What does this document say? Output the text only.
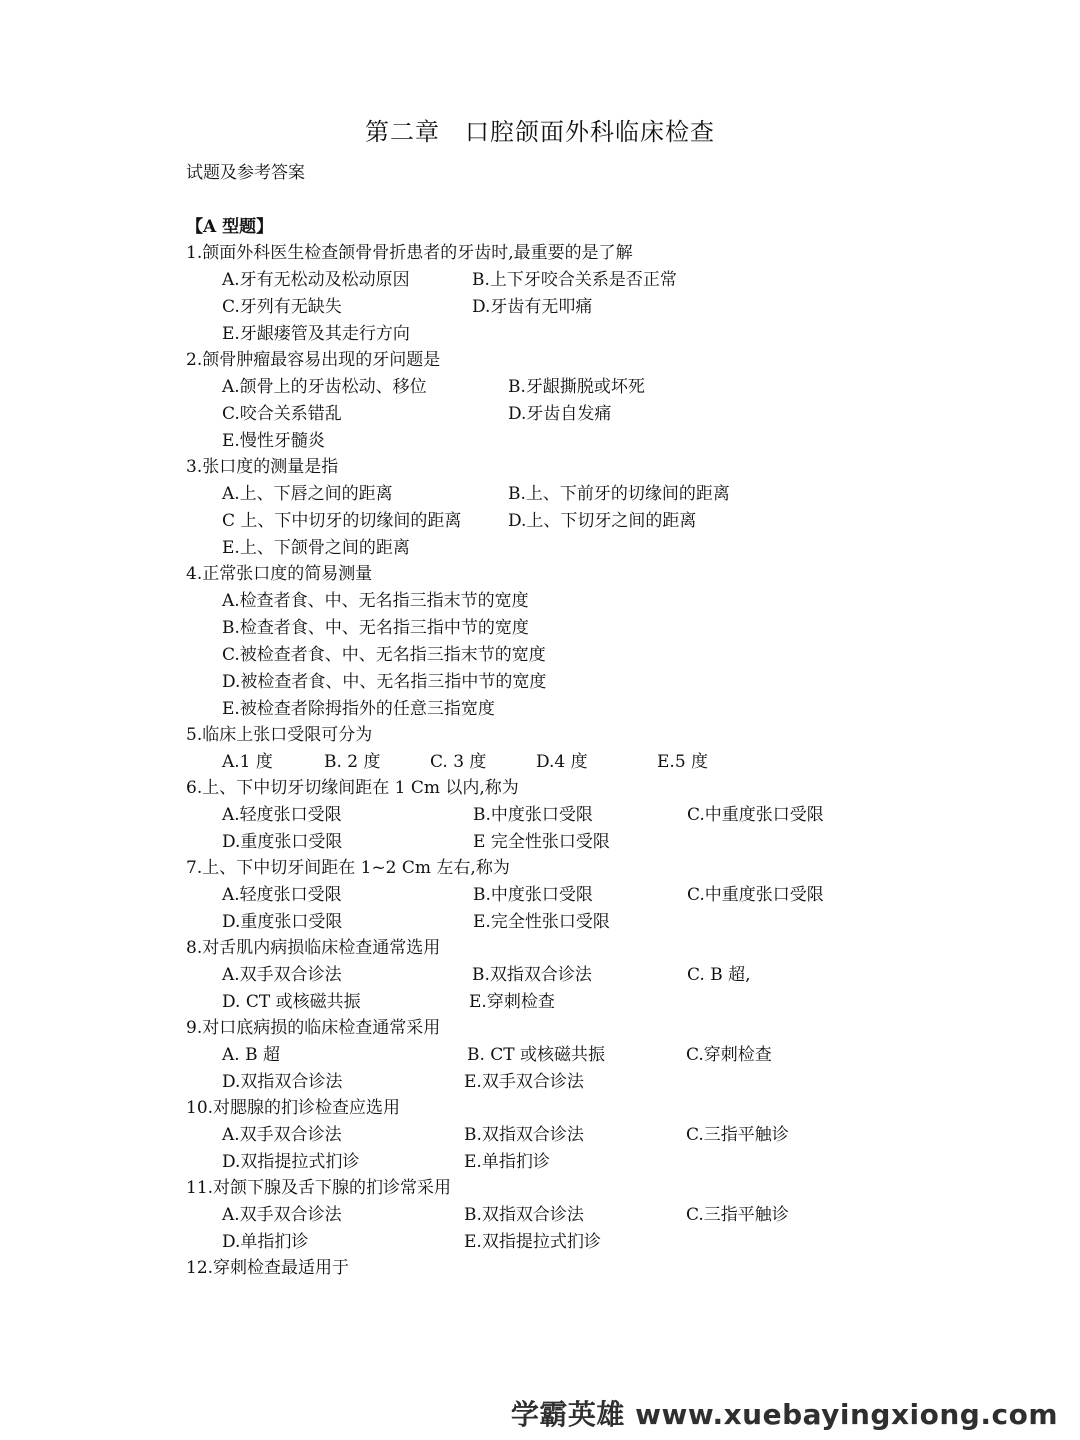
第二章　口腔颌面外科临床检查
试题及参考答案
【A 型题】
1.颌面外科医生检查颌骨骨折患者的牙齿时,最重要的是了解
A.牙有无松动及松动原因	B.上下牙咬合关系是否正常
C.牙列有无缺失	D.牙齿有无叩痛
E.牙龈瘘管及其走行方向
2.颌骨肿瘤最容易出现的牙问题是
A.颌骨上的牙齿松动、移位	B.牙龈撕脱或坏死
C.咬合关系错乱	D.牙齿自发痛
E.慢性牙髓炎
3.张口度的测量是指
A.上、下唇之间的距离	B.上、下前牙的切缘间的距离
C 上、下中切牙的切缘间的距离	D.上、下切牙之间的距离
E.上、下颌骨之间的距离
4.正常张口度的简易测量
A.检查者食、中、无名指三指末节的宽度
B.检查者食、中、无名指三指中节的宽度
C.被检查者食、中、无名指三指末节的宽度
D.被检查者食、中、无名指三指中节的宽度
E.被检查者除拇指外的任意三指宽度
5.临床上张口受限可分为
A.1 度	B. 2 度	C. 3 度	D.4 度	E.5 度
6.上、下中切牙切缘间距在 1 Cm 以内,称为
A.轻度张口受限	B.中度张口受限	C.中重度张口受限
D.重度张口受限	E 完全性张口受限
7.上、下中切牙间距在 1~2 Cm 左右,称为
A.轻度张口受限	B.中度张口受限	C.中重度张口受限
D.重度张口受限	E.完全性张口受限
8.对舌肌内病损临床检查通常选用
A.双手双合诊法	B.双指双合诊法	C. B 超,
D. CT 或核磁共振	E.穿刺检查
9.对口底病损的临床检查通常采用
A. B 超	B. CT 或核磁共振	C.穿刺检查
D.双指双合诊法	E.双手双合诊法
10.对腮腺的扪诊检查应选用
A.双手双合诊法	B.双指双合诊法	C.三指平触诊
D.双指提拉式扪诊	E.单指扪诊
11.对颌下腺及舌下腺的扪诊常采用
A.双手双合诊法	B.双指双合诊法	C.三指平触诊
D.单指扪诊	E.双指提拉式扪诊
12.穿刺检查最适用于
学霸英雄 www.xuebayingxiong.com
